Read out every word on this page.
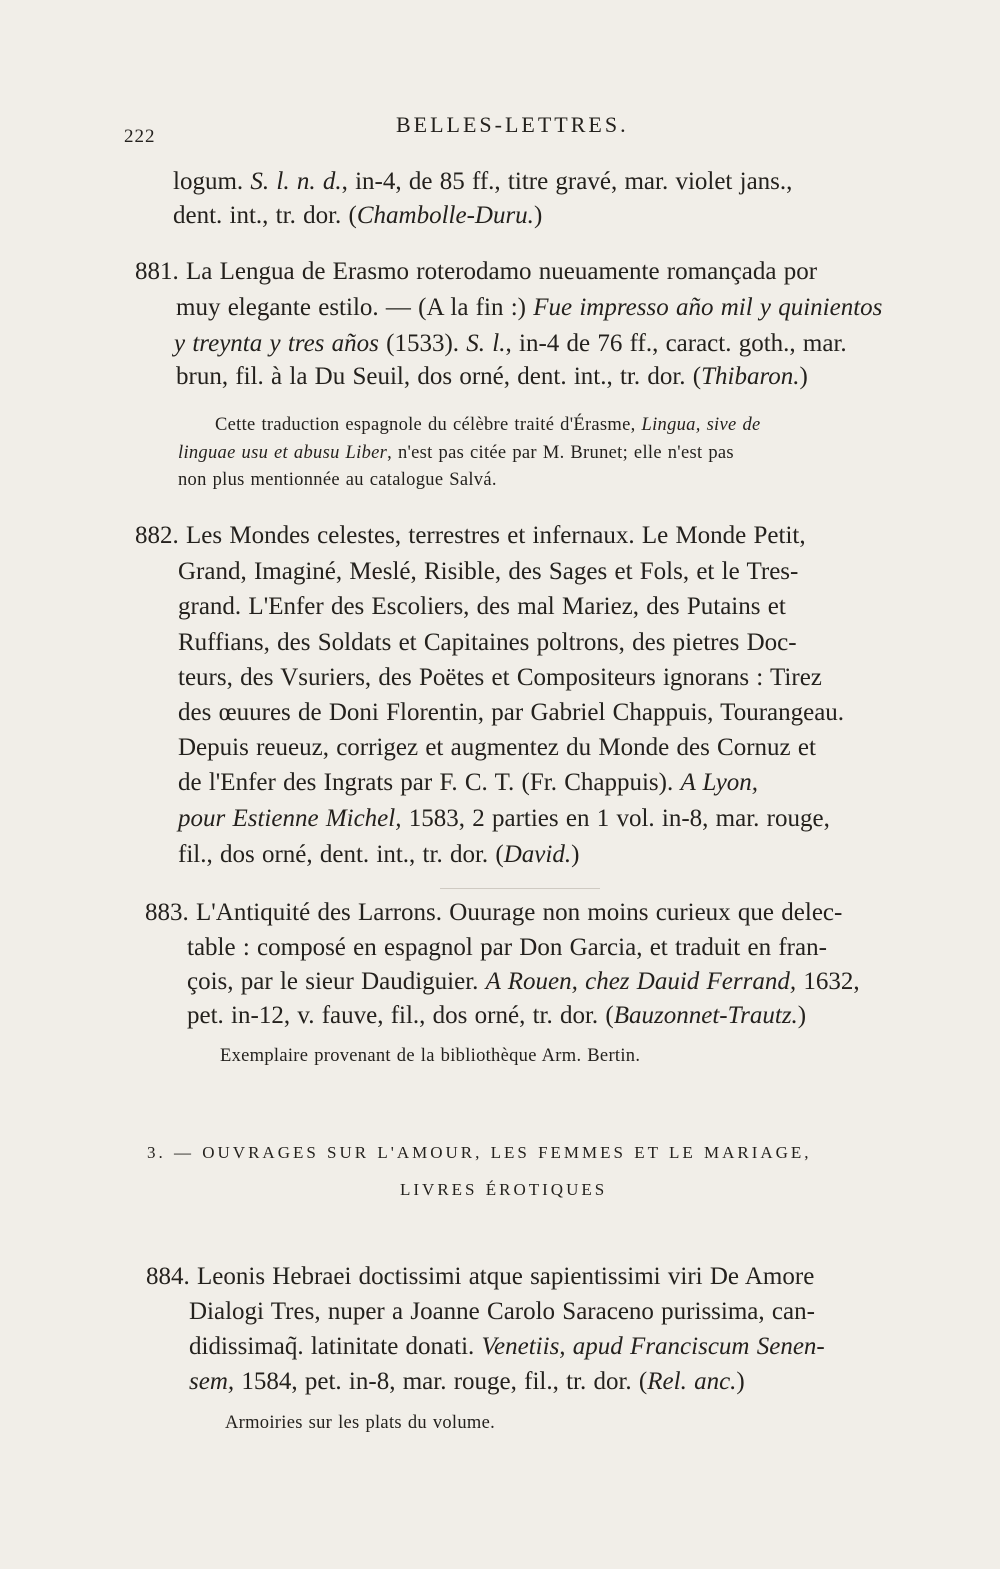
222	BELLES-LETTRES.
logum. S. l. n. d., in-4, de 85 ff., titre gravé, mar. violet jans.,
dent. int., tr. dor. (Chambolle-Duru.)
881. La Lengua de Erasmo roterodamo nueuamente romançada por
muy elegante estilo. — (A la fin :) Fue impresso año mil y quinientos
y treynta y tres años (1533). S. l., in-4 de 76 ff., caract. goth., mar.
brun, fil. à la Du Seuil, dos orné, dent. int., tr. dor. (Thibaron.)
Cette traduction espagnole du célèbre traité d'Érasme, Lingua, sive de
linguae usu et abusu Liber, n'est pas citée par M. Brunet; elle n'est pas
non plus mentionnée au catalogue Salvá.
882. Les Mondes celestes, terrestres et infernaux. Le Monde Petit,
Grand, Imaginé, Meslé, Risible, des Sages et Fols, et le Tres-
grand. L'Enfer des Escoliers, des mal Mariez, des Putains et
Ruffians, des Soldats et Capitaines poltrons, des pietres Doc-
teurs, des Vsuriers, des Poëtes et Compositeurs ignorans : Tirez
des œuures de Doni Florentin, par Gabriel Chappuis, Tourangeau.
Depuis reueuz, corrigez et augmentez du Monde des Cornuz et
de l'Enfer des Ingrats par F. C. T. (Fr. Chappuis). A Lyon,
pour Estienne Michel, 1583, 2 parties en 1 vol. in-8, mar. rouge,
fil., dos orné, dent. int., tr. dor. (David.)
883. L'Antiquité des Larrons. Ouurage non moins curieux que delec-
table : composé en espagnol par Don Garcia, et traduit en fran-
çois, par le sieur Daudiguier. A Rouen, chez Dauid Ferrand, 1632,
pet. in-12, v. fauve, fil., dos orné, tr. dor. (Bauzonnet-Trautz.)
Exemplaire provenant de la bibliothèque Arm. Bertin.
3. — OUVRAGES SUR L'AMOUR, LES FEMMES ET LE MARIAGE,
LIVRES ÉROTIQUES
884. Leonis Hebraei doctissimi atque sapientissimi viri De Amore
Dialogi Tres, nuper a Joanne Carolo Saraceno purissima, can-
didissimaq̃. latinitate donati. Venetiis, apud Franciscum Senen-
sem, 1584, pet. in-8, mar. rouge, fil., tr. dor. (Rel. anc.)
Armoiries sur les plats du volume.
